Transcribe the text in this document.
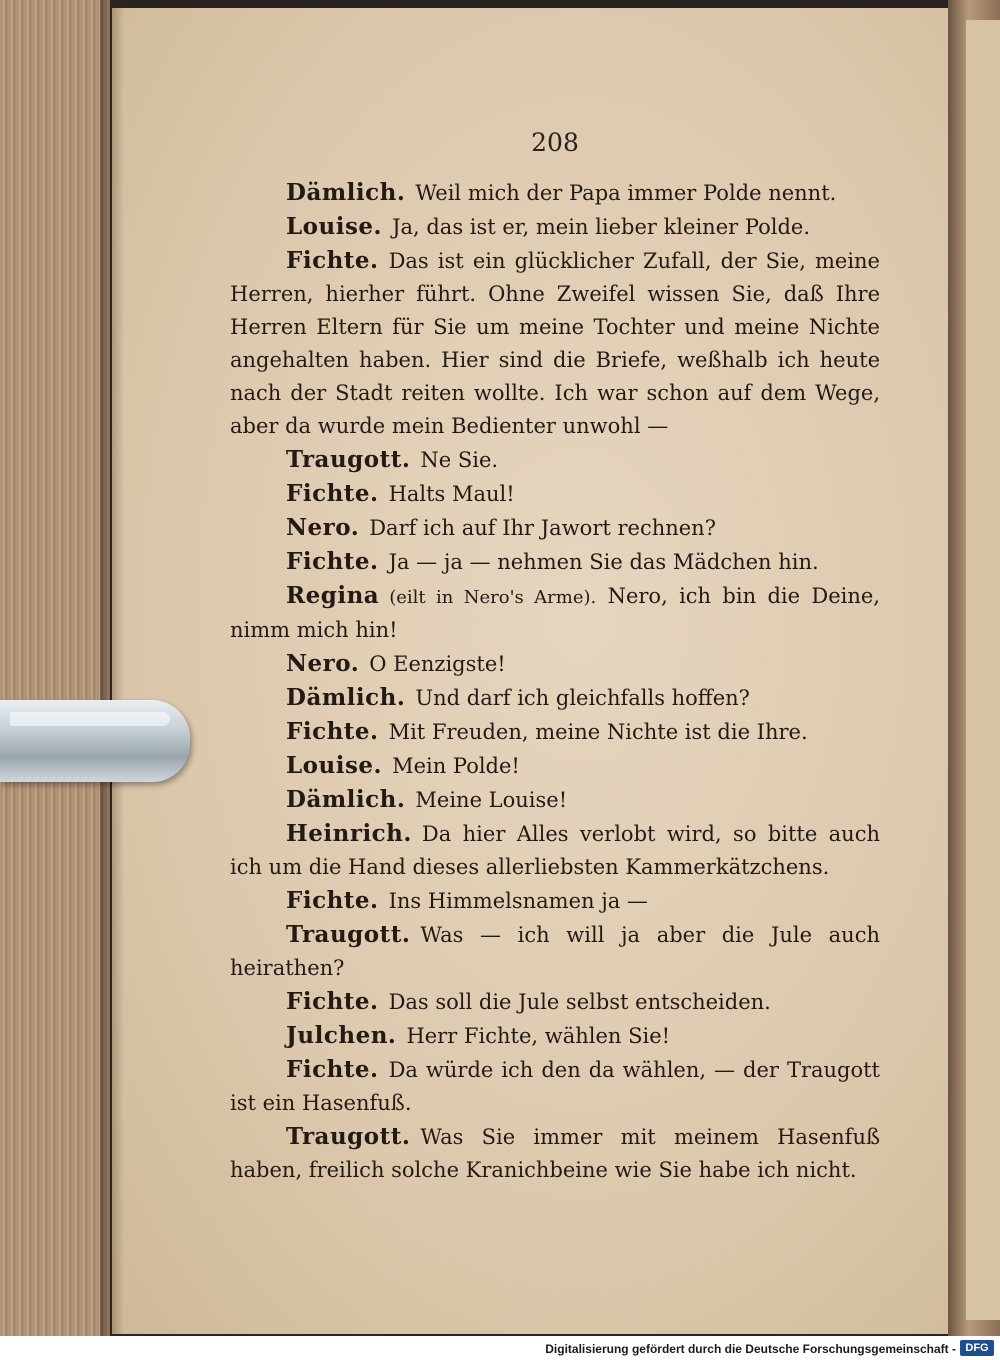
208

Dämlich. Weil mich der Papa immer Polde nennt.

Louise. Ja, das ist er, mein lieber kleiner Polde.

Fichte. Das ist ein glücklicher Zufall, der Sie, meine Herren, hierher führt. Ohne Zweifel wissen Sie, daß Ihre Herren Eltern für Sie um meine Tochter und meine Nichte angehalten haben. Hier sind die Briefe, weßhalb ich heute nach der Stadt reiten wollte. Ich war schon auf dem Wege, aber da wurde mein Bedienter unwohl —

Traugott. Ne Sie.

Fichte. Halts Maul!

Nero. Darf ich auf Ihr Jawort rechnen?

Fichte. Ja — ja — nehmen Sie das Mädchen hin.

Regina (eilt in Nero's Arme). Nero, ich bin die Deine, nimm mich hin!

Nero. O Eenzigste!

Dämlich. Und darf ich gleichfalls hoffen?

Fichte. Mit Freuden, meine Nichte ist die Ihre.

Louise. Mein Polde!

Dämlich. Meine Louise!

Heinrich. Da hier Alles verlobt wird, so bitte auch ich um die Hand dieses allerliebsten Kammerkätzchens.

Fichte. Ins Himmelsnamen ja —

Traugott. Was — ich will ja aber die Jule auch heirathen?

Fichte. Das soll die Jule selbst entscheiden.

Julchen. Herr Fichte, wählen Sie!

Fichte. Da würde ich den da wählen, — der Traugott ist ein Hasenfuß.

Traugott. Was Sie immer mit meinem Hasenfuß haben, freilich solche Kranichbeine wie Sie habe ich nicht.

Digitalisierung gefördert durch die Deutsche Forschungsgemeinschaft - DFG
